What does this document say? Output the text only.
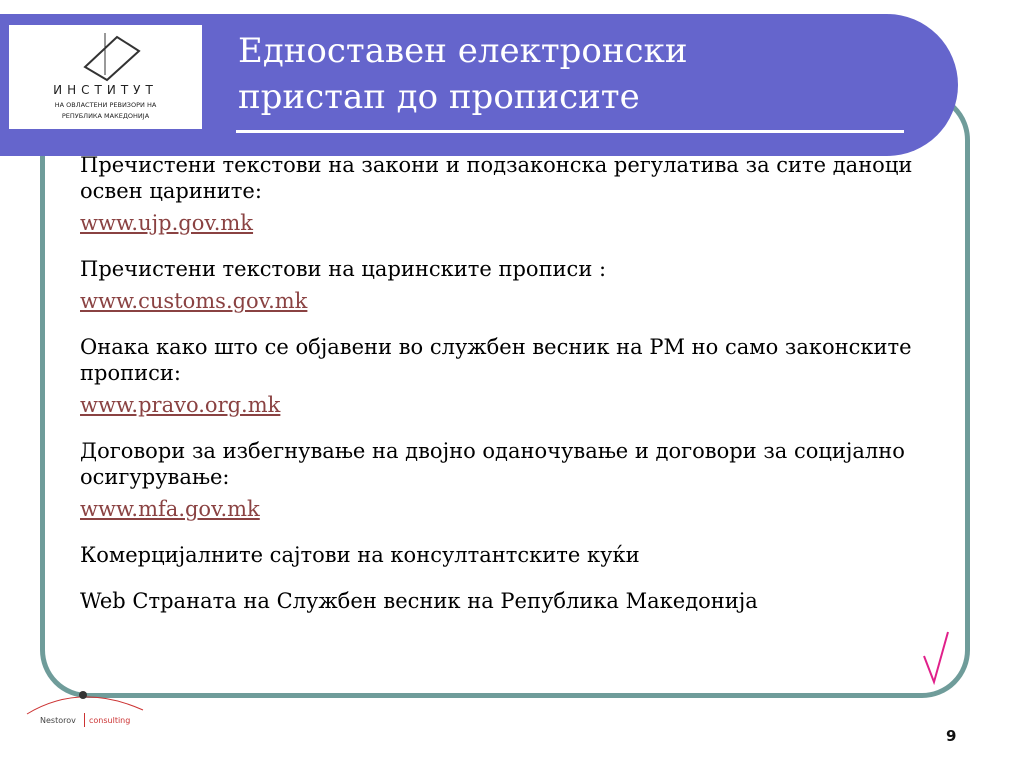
ИНСТИТУТ
НА ОВЛАСТЕНИ РЕВИЗОРИ НА
РЕПУБЛИКА МАКЕДОНИЈА
Едноставен електронски
пристап до прописите

Пречистени текстови на закони и подзаконска регулатива за сите даноци освен царините:

www.ujp.gov.mk

Пречистени текстови на царинските прописи :

www.customs.gov.mk

Онака како што се објавени во службен весник на РМ но само законските прописи:

www.pravo.org.mk

Договори за избегнување на двојно оданочување и договори за социјално осигурување:

www.mfa.gov.mk

Комерцијалните сајтови на консултантските куќи

Web Страната на Службен весник на Република Македонија

Nestorov consulting
9
